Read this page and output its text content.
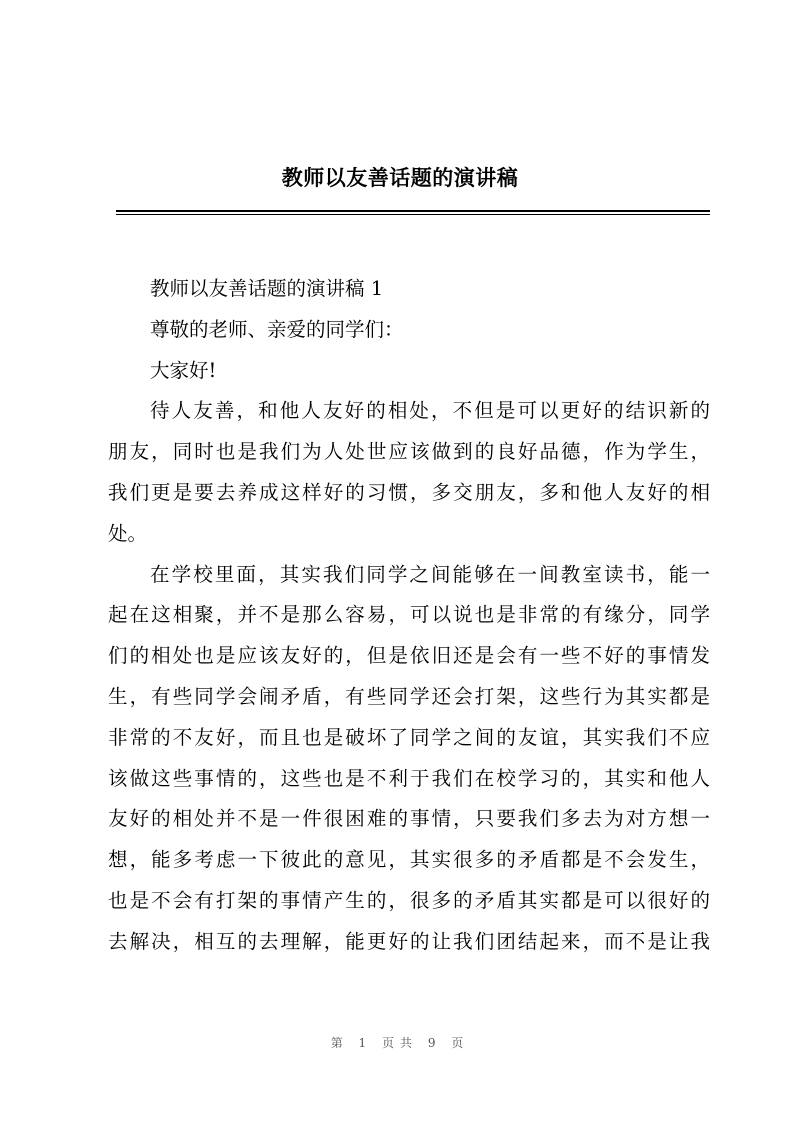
教师以友善话题的演讲稿
教师以友善话题的演讲稿 1
尊敬的老师、亲爱的同学们：
大家好!
待人友善，和他人友好的相处，不但是可以更好的结识新的
朋友，同时也是我们为人处世应该做到的良好品德，作为学生，
我们更是要去养成这样好的习惯，多交朋友，多和他人友好的相
处。
在学校里面，其实我们同学之间能够在一间教室读书，能一
起在这相聚，并不是那么容易，可以说也是非常的有缘分，同学
们的相处也是应该友好的，但是依旧还是会有一些不好的事情发
生，有些同学会闹矛盾，有些同学还会打架，这些行为其实都是
非常的不友好，而且也是破坏了同学之间的友谊，其实我们不应
该做这些事情的，这些也是不利于我们在校学习的，其实和他人
友好的相处并不是一件很困难的事情，只要我们多去为对方想一
想，能多考虑一下彼此的意见，其实很多的矛盾都是不会发生，
也是不会有打架的事情产生的，很多的矛盾其实都是可以很好的
去解决，相互的去理解，能更好的让我们团结起来，而不是让我
第 1 页共 9 页
